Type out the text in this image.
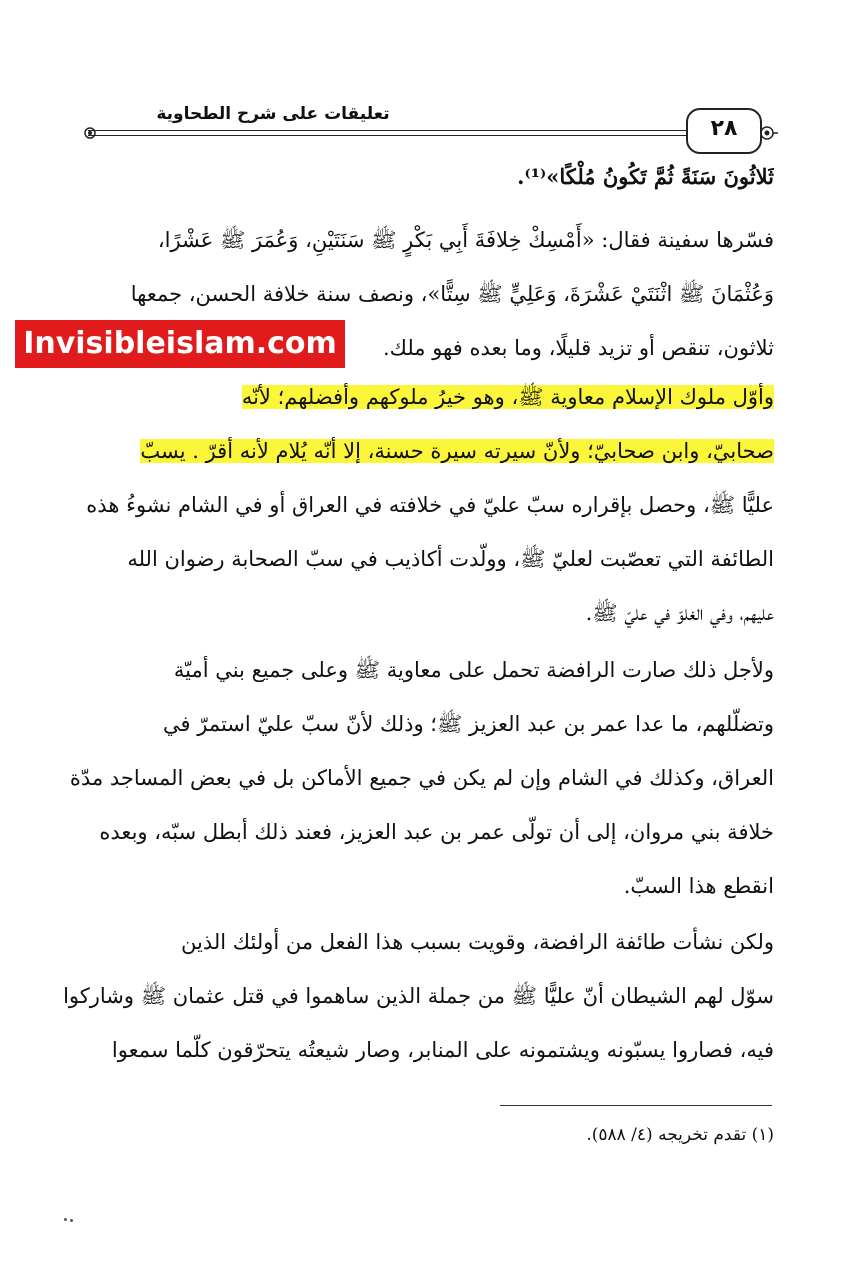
تعليقات على شرح الطحاوية
٢٨
ثَلاثُونَ سَنَةً ثُمَّ تَكُونُ مُلْكًا»⁽¹⁾.
فسّرها سفينة فقال: «أَمْسِكْ خِلافَةَ أَبِي بَكْرٍ ﷺ سَنَتَيْنِ، وَعُمَرَ ﷺ عَشْرًا،
وَعُثْمَانَ ﷺ اثْنَتَيْ عَشْرَةَ، وَعَلِيٍّ ﷺ سِتًّا»، ونصف سنة خلافة الحسن، جمعها
ثلاثون، تنقص أو تزيد قليلًا، وما بعده فهو ملك.
وأوّل ملوك الإسلام معاوية ﷺ، وهو خيرُ ملوكهم وأفضلهم؛ لأنّه
صحابيّ، وابن صحابيّ؛ ولأنّ سيرته سيرة حسنة، إلا أنّه يُلام لأنه أقرّ . يسبّ
عليًّا ﷺ، وحصل بإقراره سبّ عليّ في خلافته في العراق أو في الشام نشوءُ هذه
الطائفة التي تعصّبت لعليّ ﷺ، وولّدت أكاذيب في سبّ الصحابة رضوان الله
عليهم، وفي الغلوّ في عليّ ﷺ.
ولأجل ذلك صارت الرافضة تحمل على معاوية ﷺ وعلى جميع بني أميّة
وتضلّلهم، ما عدا عمر بن عبد العزيز ﷺ؛ وذلك لأنّ سبّ عليّ استمرّ في
العراق، وكذلك في الشام وإن لم يكن في جميع الأماكن بل في بعض المساجد مدّة
خلافة بني مروان، إلى أن تولّى عمر بن عبد العزيز، فعند ذلك أبطل سبّه، وبعده
انقطع هذا السبّ.
ولكن نشأت طائفة الرافضة، وقويت بسبب هذا الفعل من أولئك الذين
سوّل لهم الشيطان أنّ عليًّا ﷺ من جملة الذين ساهموا في قتل عثمان ﷺ وشاركوا
فيه، فصاروا يسبّونه ويشتمونه على المنابر، وصار شيعتُه يتحرّقون كلّما سمعوا
Invisibleislam.com
(١) تقدم تخريجه (٤/ ٥٨٨).
